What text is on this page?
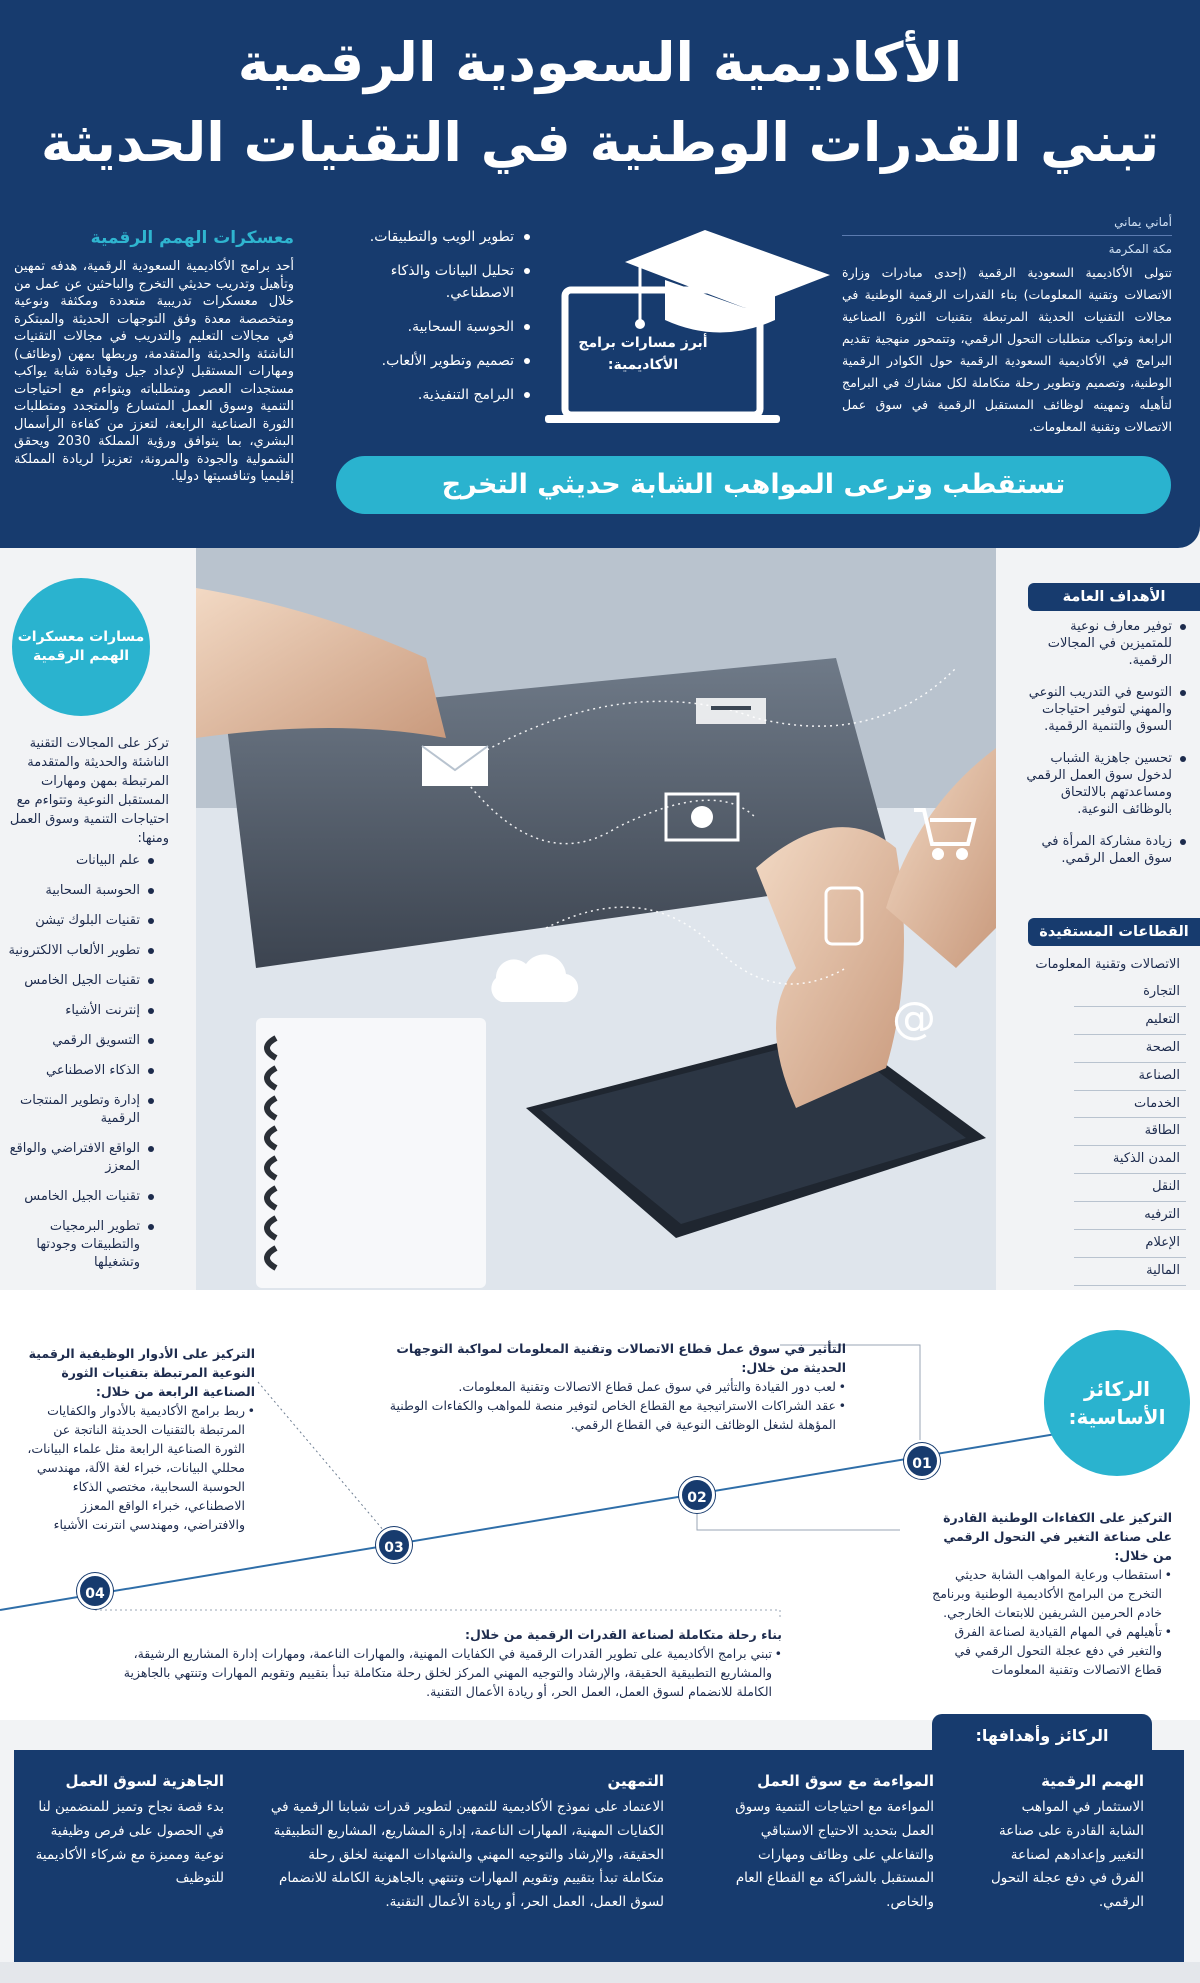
الأكاديمية السعودية الرقمية
تبني القدرات الوطنية في التقنيات الحديثة
أماني يماني
مكة المكرمة
تتولى الأكاديمية السعودية الرقمية (إحدى مبادرات وزارة الاتصالات وتقنية المعلومات) بناء القدرات الرقمية الوطنية في مجالات التقنيات الحديثة المرتبطة بتقنيات الثورة الصناعية الرابعة وتواكب متطلبات التحول الرقمي، وتتمحور منهجية تقديم البرامج في الأكاديمية السعودية الرقمية حول الكوادر الرقمية الوطنية، وتصميم وتطوير رحلة متكاملة لكل مشارك في البرامج لتأهيله وتمهينه لوظائف المستقبل الرقمية في سوق عمل الاتصالات وتقنية المعلومات.
أبرز مسارات برامج الأكاديمية:
تطوير الويب والتطبيقات.
تحليل البيانات والذكاء الاصطناعي.
الحوسبة السحابية.
تصميم وتطوير الألعاب.
البرامج التنفيذية.
معسكرات الهمم الرقمية
أحد برامج الأكاديمية السعودية الرقمية، هدفه تمهين وتأهيل وتدريب حديثي التخرج والباحثين عن عمل من خلال معسكرات تدريبية متعددة ومكثفة ونوعية ومتخصصة معدة وفق التوجهات الحديثة والمبتكرة في مجالات التعليم والتدريب في مجالات التقنيات الناشئة والحديثة والمتقدمة، وربطها بمهن (وظائف) ومهارات المستقبل لإعداد جيل وقيادة شابة يواكب مستجدات العصر ومتطلباته ويتواءم مع احتياجات التنمية وسوق العمل المتسارع والمتجدد ومتطلبات الثورة الصناعية الرابعة، لتعزز من كفاءة الرأسمال البشري، بما يتوافق ورؤية المملكة 2030 ويحقق الشمولية والجودة والمرونة، تعزيزا لريادة المملكة إقليميا وتنافسيتها دوليا.	تستقطب وترعى المواهب الشابة حديثي التخرج
@
مسارات معسكرات الهمم الرقمية
تركز على المجالات التقنية الناشئة والحديثة والمتقدمة المرتبطة بمهن ومهارات المستقبل النوعية وتتواءم مع احتياجات التنمية وسوق العمل ومنها:
علم البيانات
الحوسبة السحابية
تقنيات البلوك تيشن
تطوير الألعاب الالكترونية
تقنيات الجيل الخامس
إنترنت الأشياء
التسويق الرقمي
الذكاء الاصطناعي
إدارة وتطوير المنتجات الرقمية
الواقع الافتراضي والواقع المعزز
تقنيات الجيل الخامس
تطوير البرمجيات والتطبيقات وجودتها وتشغيلها
الأهداف العامة
توفير معارف نوعية للمتميزين في المجالات الرقمية.
التوسع في التدريب النوعي والمهني لتوفير احتياجات السوق والتنمية الرقمية.
تحسين جاهزية الشباب لدخول سوق العمل الرقمي ومساعدتهم بالالتحاق بالوظائف النوعية.
زيادة مشاركة المرأة في سوق العمل الرقمي.
القطاعات المستفيدة
الاتصالات وتقنية المعلومات
التجارة
التعليم
الصحة
الصناعة
الخدمات
الطاقة
المدن الذكية
النقل
الترفيه
الإعلام
المالية
الركائز الأساسية:
01
02
03
04
التأثير في سوق عمل قطاع الاتصالات وتقنية المعلومات لمواكبة التوجهات الحديثة من خلال:
• لعب دور القيادة والتأثير في سوق عمل قطاع الاتصالات وتقنية المعلومات.
• عقد الشراكات الاستراتيجية مع القطاع الخاص لتوفير منصة للمواهب والكفاءات الوطنية المؤهلة لشغل الوظائف النوعية في القطاع الرقمي.
التركيز على الكفاءات الوطنية القادرة على صناعة التغير في التحول الرقمي من خلال:
• استقطاب ورعاية المواهب الشابة حديثي التخرج من البرامج الأكاديمية الوطنية وبرنامج خادم الحرمين الشريفين للابتعاث الخارجي.
• تأهيلهم في المهام القيادية لصناعة الفرق والتغير في دفع عجلة التحول الرقمي في قطاع الاتصالات وتقنية المعلومات
التركيز على الأدوار الوظيفية الرقمية النوعية المرتبطة بتقنيات الثورة الصناعية الرابعة من خلال:
• ربط برامج الأكاديمية بالأدوار والكفايات المرتبطة بالتقنيات الحديثة الناتجة عن الثورة الصناعية الرابعة مثل علماء البيانات، محللي البيانات، خبراء لغة الآلة، مهندسي الحوسبة السحابية، مختصي الذكاء الاصطناعي، خبراء الواقع المعزز والافتراضي، ومهندسي انترنت الأشياء
بناء رحلة متكاملة لصناعة القدرات الرقمية من خلال:
• تبني برامج الأكاديمية على تطوير القدرات الرقمية في الكفايات المهنية، والمهارات الناعمة، ومهارات إدارة المشاريع الرشيقة، والمشاريع التطبيقية الحقيقة، والإرشاد والتوجيه المهني المركز لخلق رحلة متكاملة تبدأ بتقييم وتقويم المهارات وتنتهي بالجاهزية الكاملة للانضمام لسوق العمل، العمل الحر، أو ريادة الأعمال التقنية.
الهمم الرقمية
الاستثمار في المواهب الشابة القادرة على صناعة التغيير وإعدادهم لصناعة الفرق في دفع عجلة التحول الرقمي.
المواءمة مع سوق العمل
المواءمة مع احتياجات التنمية وسوق العمل بتحديد الاحتياج الاستباقي والتفاعلي على وظائف ومهارات المستقبل بالشراكة مع القطاع العام والخاص.
التمهين
الاعتماد على نموذج الأكاديمية للتمهين لتطوير قدرات شبابنا الرقمية في الكفايات المهنية، المهارات الناعمة، إدارة المشاريع، المشاريع التطبيقية الحقيقة، والإرشاد والتوجيه المهني والشهادات المهنية لخلق رحلة متكاملة تبدأ بتقييم وتقويم المهارات وتنتهي بالجاهزية الكاملة للانضمام لسوق العمل، العمل الحر، أو ريادة الأعمال التقنية.
الجاهزية لسوق العمل
بدء قصة نجاح وتميز للمنضمين لنا في الحصول على فرص وظيفية نوعية ومميزة مع شركاء الأكاديمية للتوظيف
الركائز وأهدافها:
